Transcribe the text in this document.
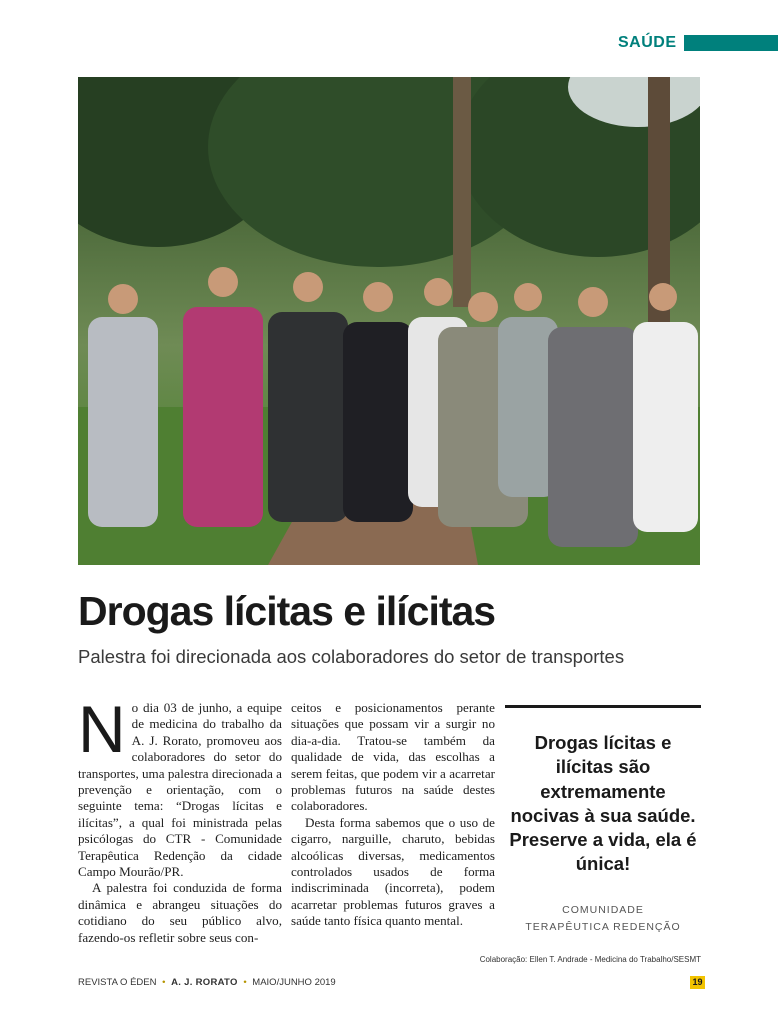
SAÚDE
Drogas lícitas e ilícitas

Palestra foi direcionada aos colaboradores do setor de transportes

No dia 03 de junho, a equipe de medicina do trabalho da A. J. Rorato, promoveu aos colaboradores do setor do transportes, uma palestra direcionada a prevenção e orientação, com o seguinte tema: “Drogas lícitas e ilícitas”, a qual foi ministrada pelas psicólogas do CTR - Comunidade Terapêutica Redenção da cidade Campo Mourão/PR.

A palestra foi conduzida de forma dinâmica e abrangeu situações do cotidiano do seu público alvo, fazendo-os refletir sobre seus con-

ceitos e posicionamentos perante situações que possam vir a surgir no dia-a-dia. Tratou-se também da qualidade de vida, das escolhas a serem feitas, que podem vir a acarretar problemas futuros na saúde destes colaboradores.

Desta forma sabemos que o uso de cigarro, narguille, charuto, bebidas alcoólicas diversas, medicamentos controlados usados de forma indiscriminada (incorreta), podem acarretar problemas futuros graves a saúde tanto física quanto mental.

Drogas lícitas e ilícitas são extremamente nocivas à sua saúde. Preserve a vida, ela é única!

COMUNIDADE
TERAPÊUTICA REDENÇÃO
Colaboração: Ellen T. Andrade - Medicina do Trabalho/SESMT
REVISTA O ÉDEN • A. J. RORATO • MAIO/JUNHO 2019	19
